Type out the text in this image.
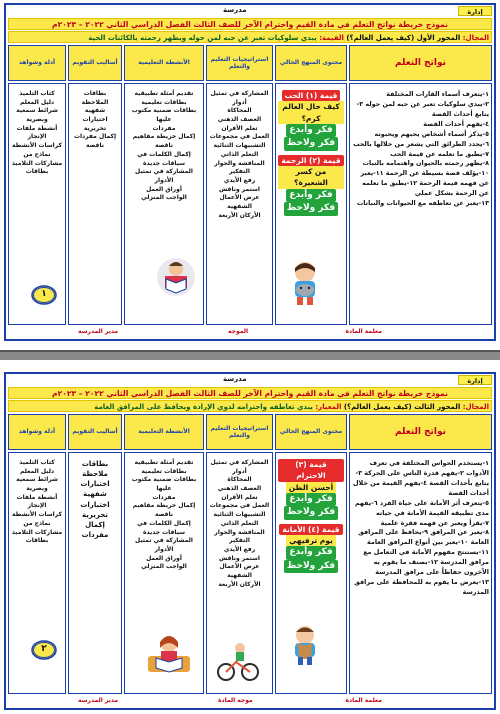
مدرسة	إدارة
نموذج خريطة نواتج التعلم في مادة القيم واحترام الآخر للصف الثالث الفصل الدراسي الثاني ٢٠٢٢ – ٢٠٢٣م
المجال: المحور الأول (كيف يعمل العالم؟) القيمة: يبدي سلوكيات تعبر عن حبه لمن حوله ويظهر رحمته بالكائنات الحية
نواتج التعلم
محتوى المنهج الحالي
استراتيجيات التعليم والتعلم
الأنشطة التعليمية
أساليب التقويم
أدلة وشواهد
١-يتعرف أسماء القارات المختلفة
٢-يبدي سلوكيات تعبر عن حبه لمن حوله ٣-يتابع أحداث القصة
٤-يفهم أحداث القصة
٥-يذكر أسماء أشخاص يحبهم ويحبونه
٦-يحدد الطرائق التي يشعر من خلالها بالحب
٧-يطبق ما تعلمه عن قيمة الحب
٨-يظهر رحمته بالحيوان واهتمامه بالنبات ١٠-يؤلف قصة بسيطة عن الرحمة ١١-يعبر عن فهمه قيمة الرحمة ١٢-يطبق ما تعلمه عن الرحمة بشكل عملي
١٣-يعبر عن تعاطفه مع الحيوانات والنباتات
قيمة (١) الحب
كيف حال العالم كرم؟
فكر وأبدع
فكر ولاحظ
قيمة (٢) الرحمة
من كسر الشعيرة؟
فكر وأبدع
فكر ولاحظ
المشاركة في تمثيل أدوار
المحاكاة
العصف الذهني
تعلم الأقران
العمل في مجموعات
التشبيهات الثنائية
التعلم الذاتي
المناقشة والحوار
التفكير
رفع الأيدي
استمر وناقش
عرض الأعمال الشفهية
الأركان الأربعة
تقديم أمثلة تطبيقية
بطاقات تعليمية
بطاقات ضمنية مكتوب عليها
مفردات
إكمال خريطة مفاهيم ناقصة
إكمال الكلمات في سياقات جديدة
المشاركة في تمثيل الأدوار
أوراق العمل
الواجب المنزلي
بطاقات الملاحظة
شفهية
اختبارات تحريرية
إكمال مفردات ناقصة
كتاب التلميذ
دليل المعلم
شرائط سمعية وبصرية
أنشطة ملفات الإنجاز
كراسات الأنشطة
نماذج من مشاركات التلاميذ
بطاقات
١
معلمة المادة
الموجه
مدير المدرسة
مدرسة	إدارة
نموذج خريطة نواتج التعلم في مادة القيم واحترام الآخر للصف الثالث الفصل الدراسي الثاني ٢٠٢٢ – ٢٠٢٣م
المجال: المحور الثالث (كيف يعمل العالم؟) المعيار: يبدي تعاطفه واحترامه لذوي الإرادة ويحافظ على المرافق العامة
نواتج التعلم
محتوى المنهج الحالي
استراتيجيات التعليم والتعلم
الأنشطة التعليمية
أساليب التقويم
أدلة وشواهد
١-يستخدم الحواس المختلفة في تعرف الأدوات ٢-يفهم قدرة الناس على الحركة ٣-يتابع بأحداث القصة ٤-يفهم القيمة من خلال أحداث القصة
٥-يتعرف أثر الأمانة على حياة الفرد ٦-يفهم مدى تطبيقه القيمة الأمانة في حياته
٧-يقرأ ويعبر عن فهمه فقرة علمية
٨-يعبر عن المرافق ٩-يحافظ على المرافق العامة ١٠-يعبر بين أنواع المرافق العامة
١١-يستنتج مفهوم الأمانة في التعامل مع مرافق المدرسة ١٢-يصنف ما يقوم به الآخرون حفاظاً على مرافق المدرسة
١٣-يعرض ما يقوم به للمحافظة على مرافق المدرسة
قيمة (٣) الاحترام
أحسن الظن
فكر وأبدع
فكر ولاحظ
قيمة (٤) الأمانة
يوم ترفيهي
فكر وأبدع
فكر ولاحظ
المشاركة في تمثيل أدوار
المحاكاة
العصف الذهني
تعلم الأقران
العمل في مجموعات
التشبيهات الثنائية
التعلم الذاتي
المناقشة والحوار
التفكير
رفع الأيدي
استمر وناقش
عرض الأعمال الشفهية
الأركان الأربعة
تقديم أمثلة تطبيقية
بطاقات تعليمية
بطاقات ضمنية مكتوب عليها
مفردات
إكمال خريطة مفاهيم ناقصة
إكمال الكلمات في سياقات جديدة
المشاركة في تمثيل الأدوار
أوراق العمل
الواجب المنزلي
بطاقات ملاحظة
اختبارات
شفهية
اختبارات تحريرية
إكمال مفردات
كتاب التلميذ
دليل المعلم
شرائط سمعية وبصرية
أنشطة ملفات الإنجاز
كراسات الأنشطة
نماذج من مشاركات التلاميذ
بطاقات
٢
معلمة المادة
موجه المادة
مدير المدرسة
